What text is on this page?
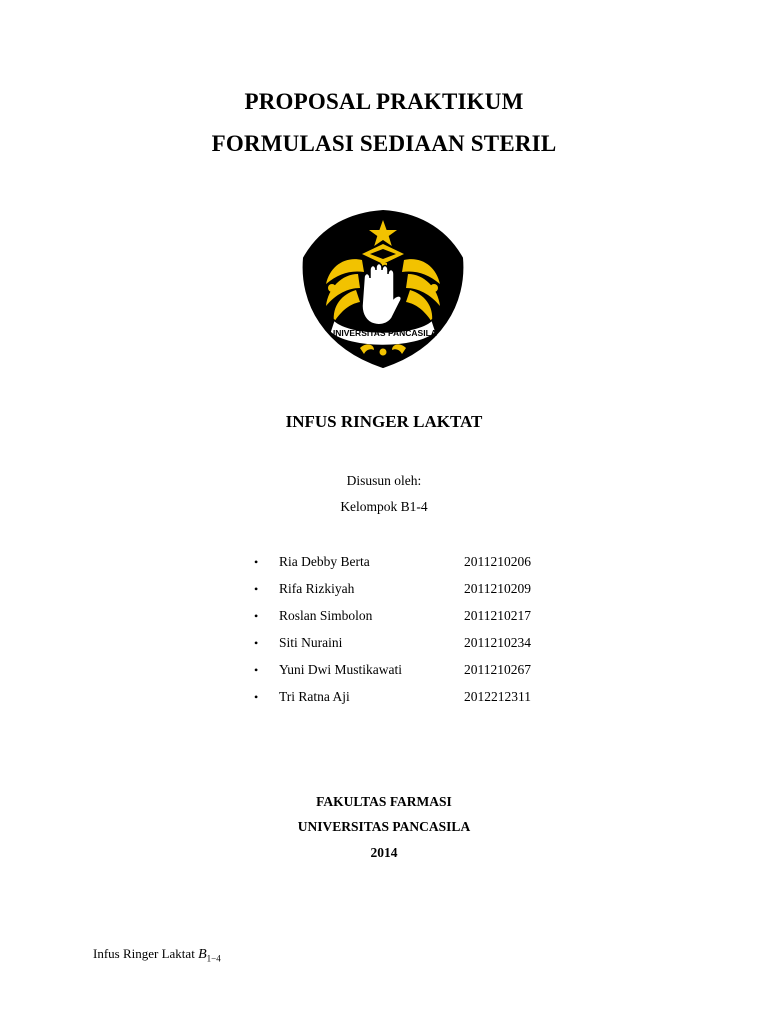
PROPOSAL PRAKTIKUM
FORMULASI SEDIAAN STERIL
UNIVERSITAS PANCASILA
INFUS RINGER LAKTAT
Disusun oleh:
Kelompok B1-4
•	Ria Debby Berta	2011210206
•	Rifa Rizkiyah	2011210209
•	Roslan Simbolon	2011210217
•	Siti Nuraini	2011210234
•	Yuni Dwi Mustikawati	2011210267
•	Tri Ratna Aji	2012212311
FAKULTAS FARMASI
UNIVERSITAS PANCASILA
2014
Infus Ringer Laktat $B_{1-4}$
